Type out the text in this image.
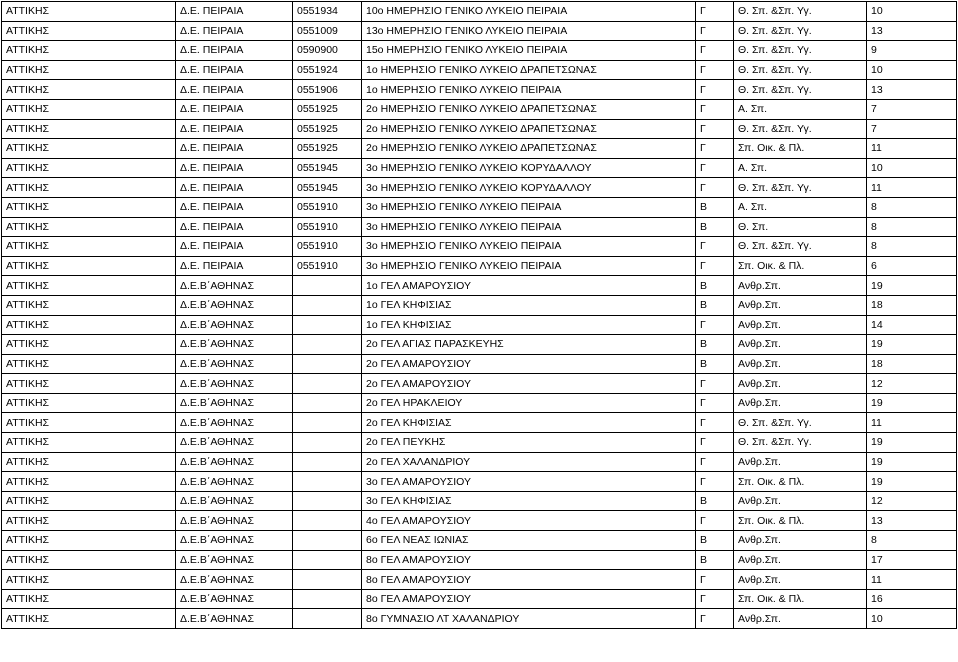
ΑΤΤΙΚΗΣ	Δ.Ε. ΠΕΙΡΑΙΑ	0551934	10ο ΗΜΕΡΗΣΙΟ ΓΕΝΙΚΟ ΛΥΚΕΙΟ ΠΕΙΡΑΙΑ	Γ	Θ. Σπ. &Σπ. Υγ.	10
ΑΤΤΙΚΗΣ	Δ.Ε. ΠΕΙΡΑΙΑ	0551009	13ο ΗΜΕΡΗΣΙΟ ΓΕΝΙΚΟ ΛΥΚΕΙΟ ΠΕΙΡΑΙΑ	Γ	Θ. Σπ. &Σπ. Υγ.	13
ΑΤΤΙΚΗΣ	Δ.Ε. ΠΕΙΡΑΙΑ	0590900	15ο ΗΜΕΡΗΣΙΟ ΓΕΝΙΚΟ ΛΥΚΕΙΟ ΠΕΙΡΑΙΑ	Γ	Θ. Σπ. &Σπ. Υγ.	9
ΑΤΤΙΚΗΣ	Δ.Ε. ΠΕΙΡΑΙΑ	0551924	1ο ΗΜΕΡΗΣΙΟ ΓΕΝΙΚΟ ΛΥΚΕΙΟ ΔΡΑΠΕΤΣΩΝΑΣ	Γ	Θ. Σπ. &Σπ. Υγ.	10
ΑΤΤΙΚΗΣ	Δ.Ε. ΠΕΙΡΑΙΑ	0551906	1ο ΗΜΕΡΗΣΙΟ ΓΕΝΙΚΟ ΛΥΚΕΙΟ ΠΕΙΡΑΙΑ	Γ	Θ. Σπ. &Σπ. Υγ.	13
ΑΤΤΙΚΗΣ	Δ.Ε. ΠΕΙΡΑΙΑ	0551925	2ο ΗΜΕΡΗΣΙΟ ΓΕΝΙΚΟ ΛΥΚΕΙΟ ΔΡΑΠΕΤΣΩΝΑΣ	Γ	Α. Σπ.	7
ΑΤΤΙΚΗΣ	Δ.Ε. ΠΕΙΡΑΙΑ	0551925	2ο ΗΜΕΡΗΣΙΟ ΓΕΝΙΚΟ ΛΥΚΕΙΟ ΔΡΑΠΕΤΣΩΝΑΣ	Γ	Θ. Σπ. &Σπ. Υγ.	7
ΑΤΤΙΚΗΣ	Δ.Ε. ΠΕΙΡΑΙΑ	0551925	2ο ΗΜΕΡΗΣΙΟ ΓΕΝΙΚΟ ΛΥΚΕΙΟ ΔΡΑΠΕΤΣΩΝΑΣ	Γ	Σπ. Οικ. & Πλ.	11
ΑΤΤΙΚΗΣ	Δ.Ε. ΠΕΙΡΑΙΑ	0551945	3ο ΗΜΕΡΗΣΙΟ ΓΕΝΙΚΟ ΛΥΚΕΙΟ ΚΟΡΥΔΑΛΛΟΥ	Γ	Α. Σπ.	10
ΑΤΤΙΚΗΣ	Δ.Ε. ΠΕΙΡΑΙΑ	0551945	3ο ΗΜΕΡΗΣΙΟ ΓΕΝΙΚΟ ΛΥΚΕΙΟ ΚΟΡΥΔΑΛΛΟΥ	Γ	Θ. Σπ. &Σπ. Υγ.	11
ΑΤΤΙΚΗΣ	Δ.Ε. ΠΕΙΡΑΙΑ	0551910	3ο ΗΜΕΡΗΣΙΟ ΓΕΝΙΚΟ ΛΥΚΕΙΟ ΠΕΙΡΑΙΑ	Β	Α. Σπ.	8
ΑΤΤΙΚΗΣ	Δ.Ε. ΠΕΙΡΑΙΑ	0551910	3ο ΗΜΕΡΗΣΙΟ ΓΕΝΙΚΟ ΛΥΚΕΙΟ ΠΕΙΡΑΙΑ	Β	Θ. Σπ.	8
ΑΤΤΙΚΗΣ	Δ.Ε. ΠΕΙΡΑΙΑ	0551910	3ο ΗΜΕΡΗΣΙΟ ΓΕΝΙΚΟ ΛΥΚΕΙΟ ΠΕΙΡΑΙΑ	Γ	Θ. Σπ. &Σπ. Υγ.	8
ΑΤΤΙΚΗΣ	Δ.Ε. ΠΕΙΡΑΙΑ	0551910	3ο ΗΜΕΡΗΣΙΟ ΓΕΝΙΚΟ ΛΥΚΕΙΟ ΠΕΙΡΑΙΑ	Γ	Σπ. Οικ. & Πλ.	6
ΑΤΤΙΚΗΣ	Δ.Ε.Β΄ΑΘΗΝΑΣ		1ο ΓΕΛ ΑΜΑΡΟΥΣΙΟΥ	Β	Ανθρ.Σπ.	19
ΑΤΤΙΚΗΣ	Δ.Ε.Β΄ΑΘΗΝΑΣ		1ο ΓΕΛ ΚΗΦΙΣΙΑΣ	Β	Ανθρ.Σπ.	18
ΑΤΤΙΚΗΣ	Δ.Ε.Β΄ΑΘΗΝΑΣ		1ο ΓΕΛ ΚΗΦΙΣΙΑΣ	Γ	Ανθρ.Σπ.	14
ΑΤΤΙΚΗΣ	Δ.Ε.Β΄ΑΘΗΝΑΣ		2ο ΓΕΛ ΑΓΙΑΣ ΠΑΡΑΣΚΕΥΗΣ	Β	Ανθρ.Σπ.	19
ΑΤΤΙΚΗΣ	Δ.Ε.Β΄ΑΘΗΝΑΣ		2ο ΓΕΛ ΑΜΑΡΟΥΣΙΟΥ	Β	Ανθρ.Σπ.	18
ΑΤΤΙΚΗΣ	Δ.Ε.Β΄ΑΘΗΝΑΣ		2ο ΓΕΛ ΑΜΑΡΟΥΣΙΟΥ	Γ	Ανθρ.Σπ.	12
ΑΤΤΙΚΗΣ	Δ.Ε.Β΄ΑΘΗΝΑΣ		2ο ΓΕΛ ΗΡΑΚΛΕΙΟΥ	Γ	Ανθρ.Σπ.	19
ΑΤΤΙΚΗΣ	Δ.Ε.Β΄ΑΘΗΝΑΣ		2ο ΓΕΛ ΚΗΦΙΣΙΑΣ	Γ	Θ. Σπ. &Σπ. Υγ.	11
ΑΤΤΙΚΗΣ	Δ.Ε.Β΄ΑΘΗΝΑΣ		2ο ΓΕΛ ΠΕΥΚΗΣ	Γ	Θ. Σπ. &Σπ. Υγ.	19
ΑΤΤΙΚΗΣ	Δ.Ε.Β΄ΑΘΗΝΑΣ		2ο ΓΕΛ ΧΑΛΑΝΔΡΙΟΥ	Γ	Ανθρ.Σπ.	19
ΑΤΤΙΚΗΣ	Δ.Ε.Β΄ΑΘΗΝΑΣ		3ο ΓΕΛ ΑΜΑΡΟΥΣΙΟΥ	Γ	Σπ. Οικ. & Πλ.	19
ΑΤΤΙΚΗΣ	Δ.Ε.Β΄ΑΘΗΝΑΣ		3ο ΓΕΛ ΚΗΦΙΣΙΑΣ	Β	Ανθρ.Σπ.	12
ΑΤΤΙΚΗΣ	Δ.Ε.Β΄ΑΘΗΝΑΣ		4ο ΓΕΛ ΑΜΑΡΟΥΣΙΟΥ	Γ	Σπ. Οικ. & Πλ.	13
ΑΤΤΙΚΗΣ	Δ.Ε.Β΄ΑΘΗΝΑΣ		6ο ΓΕΛ ΝΕΑΣ ΙΩΝΙΑΣ	Β	Ανθρ.Σπ.	8
ΑΤΤΙΚΗΣ	Δ.Ε.Β΄ΑΘΗΝΑΣ		8ο ΓΕΛ ΑΜΑΡΟΥΣΙΟΥ	Β	Ανθρ.Σπ.	17
ΑΤΤΙΚΗΣ	Δ.Ε.Β΄ΑΘΗΝΑΣ		8ο ΓΕΛ ΑΜΑΡΟΥΣΙΟΥ	Γ	Ανθρ.Σπ.	11
ΑΤΤΙΚΗΣ	Δ.Ε.Β΄ΑΘΗΝΑΣ		8ο ΓΕΛ ΑΜΑΡΟΥΣΙΟΥ	Γ	Σπ. Οικ. & Πλ.	16
ΑΤΤΙΚΗΣ	Δ.Ε.Β΄ΑΘΗΝΑΣ		8ο ΓΥΜΝΑΣΙΟ ΛΤ ΧΑΛΑΝΔΡΙΟΥ	Γ	Ανθρ.Σπ.	10
